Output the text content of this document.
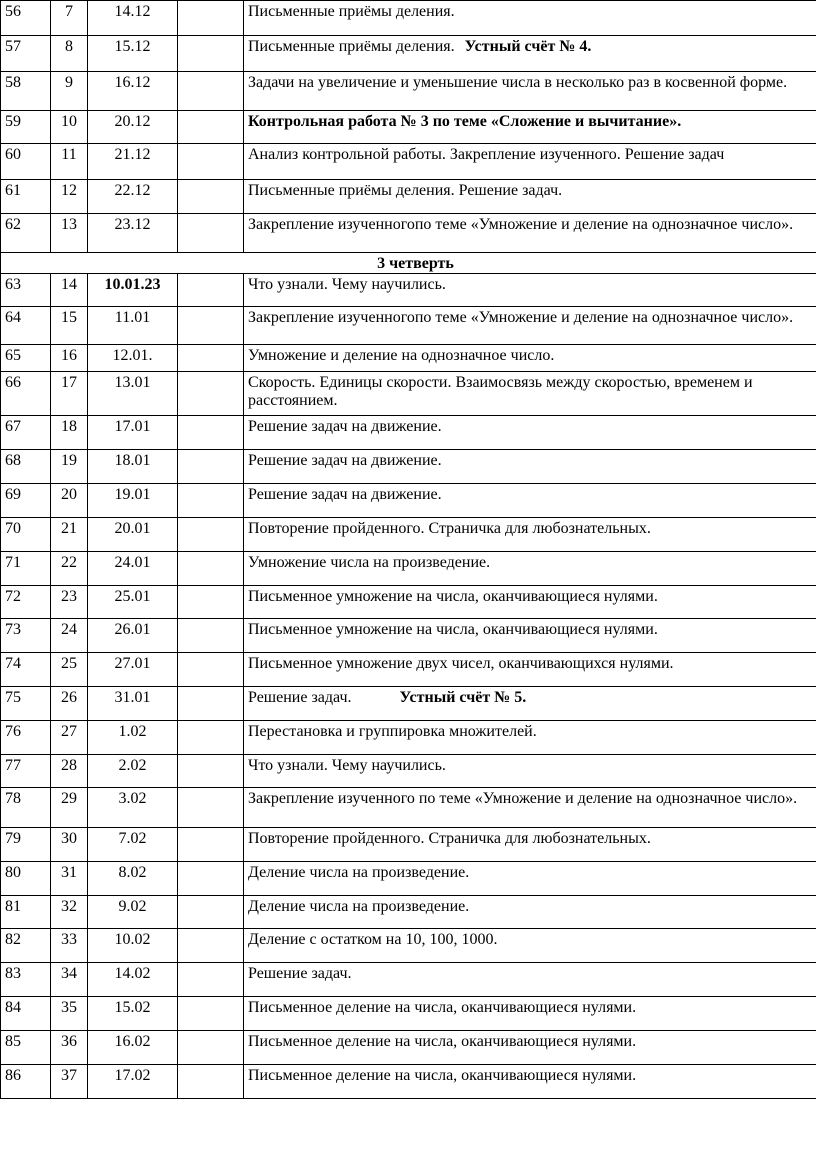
56	7	14.12		Письменные приёмы деления.
57	8	15.12		Письменные приёмы деления. Устный счёт № 4.
58	9	16.12		Задачи на увеличение и уменьшение числа в несколько раз в косвенной форме.
59	10	20.12		Контрольная работа № 3 по теме «Сложение и вычитание».
60	11	21.12		Анализ контрольной работы. Закрепление изученного. Решение задач
61	12	22.12		Письменные приёмы деления. Решение задач.
62	13	23.12		Закрепление изученногопо теме «Умножение и деление на однозначное число».
3 четверть				
63	14	10.01.23		Что узнали. Чему научились.
64	15	11.01		Закрепление изученногопо теме «Умножение и деление на однозначное число».
65	16	12.01.		Умножение и деление на однозначное число.
66	17	13.01		Скорость. Единицы скорости. Взаимосвязь между скоростью, временем и расстоянием.
67	18	17.01		Решение задач на движение.
68	19	18.01		Решение задач на движение.
69	20	19.01		Решение задач на движение.
70	21	20.01		Повторение пройденного. Страничка для любознательных.
71	22	24.01		Умножение числа на произведение.
72	23	25.01		Письменное умножение на числа, оканчивающиеся нулями.
73	24	26.01		Письменное умножение на числа, оканчивающиеся нулями.
74	25	27.01		Письменное умножение двух чисел, оканчивающихся нулями.
75	26	31.01		Решение задач. Устный счёт № 5.
76	27	1.02		Перестановка и группировка множителей.
77	28	2.02		Что узнали. Чему научились.
78	29	3.02		Закрепление изученного по теме «Умножение и деление на однозначное число».
79	30	7.02		Повторение пройденного. Страничка для любознательных.
80	31	8.02		Деление числа на произведение.
81	32	9.02		Деление числа на произведение.
82	33	10.02		Деление с остатком на 10, 100, 1000.
83	34	14.02		Решение задач.
84	35	15.02		Письменное деление на числа, оканчивающиеся нулями.
85	36	16.02		Письменное деление на числа, оканчивающиеся нулями.
86	37	17.02		Письменное деление на числа, оканчивающиеся нулями.
